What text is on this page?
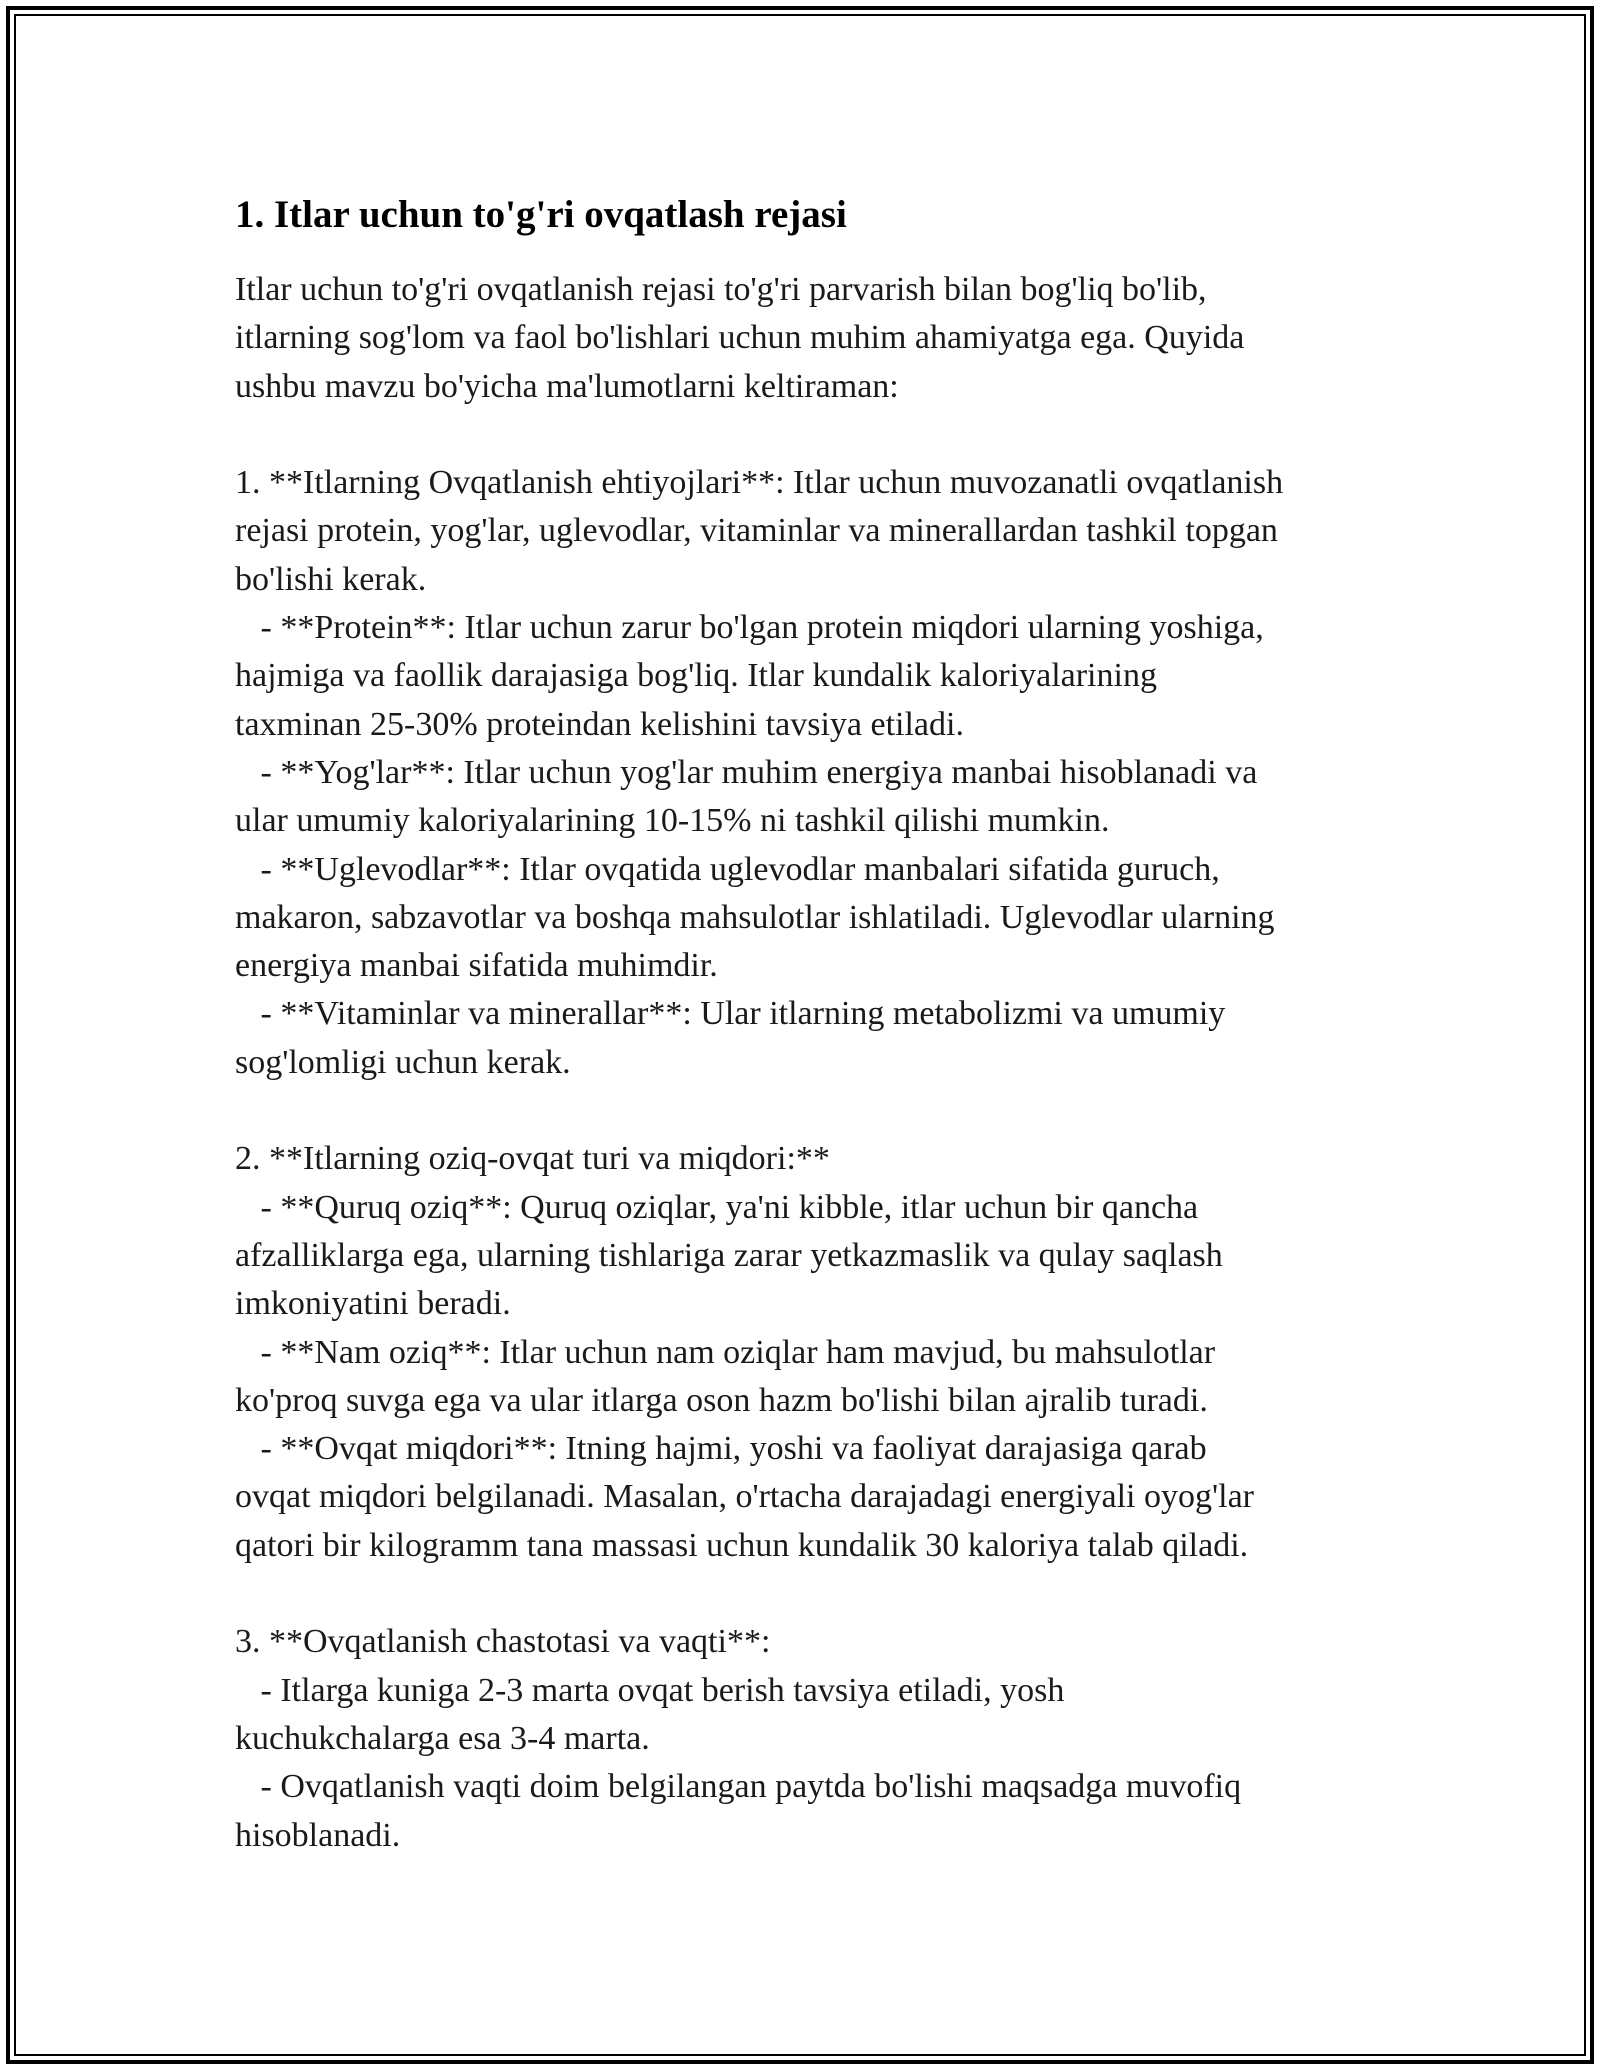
1. Itlar uchun to'g'ri ovqatlash rejasi

Itlar uchun to'g'ri ovqatlanish rejasi to'g'ri parvarish bilan bog'liq bo'lib,

itlarning sog'lom va faol bo'lishlari uchun muhim ahamiyatga ega. Quyida

ushbu mavzu bo'yicha ma'lumotlarni keltiraman:

1. **Itlarning Ovqatlanish ehtiyojlari**: Itlar uchun muvozanatli ovqatlanish

rejasi protein, yog'lar, uglevodlar, vitaminlar va minerallardan tashkil topgan

bo'lishi kerak.

- **Protein**: Itlar uchun zarur bo'lgan protein miqdori ularning yoshiga,

hajmiga va faollik darajasiga bog'liq. Itlar kundalik kaloriyalarining

taxminan 25-30% proteindan kelishini tavsiya etiladi.

- **Yog'lar**: Itlar uchun yog'lar muhim energiya manbai hisoblanadi va

ular umumiy kaloriyalarining 10-15% ni tashkil qilishi mumkin.

- **Uglevodlar**: Itlar ovqatida uglevodlar manbalari sifatida guruch,

makaron, sabzavotlar va boshqa mahsulotlar ishlatiladi. Uglevodlar ularning

energiya manbai sifatida muhimdir.

- **Vitaminlar va minerallar**: Ular itlarning metabolizmi va umumiy

sog'lomligi uchun kerak.

2. **Itlarning oziq-ovqat turi va miqdori:**

- **Quruq oziq**: Quruq oziqlar, ya'ni kibble, itlar uchun bir qancha

afzalliklarga ega, ularning tishlariga zarar yetkazmaslik va qulay saqlash

imkoniyatini beradi.

- **Nam oziq**: Itlar uchun nam oziqlar ham mavjud, bu mahsulotlar

ko'proq suvga ega va ular itlarga oson hazm bo'lishi bilan ajralib turadi.

- **Ovqat miqdori**: Itning hajmi, yoshi va faoliyat darajasiga qarab

ovqat miqdori belgilanadi. Masalan, o'rtacha darajadagi energiyali oyog'lar

qatori bir kilogramm tana massasi uchun kundalik 30 kaloriya talab qiladi.

3. **Ovqatlanish chastotasi va vaqti**:

- Itlarga kuniga 2-3 marta ovqat berish tavsiya etiladi, yosh

kuchukchalarga esa 3-4 marta.

- Ovqatlanish vaqti doim belgilangan paytda bo'lishi maqsadga muvofiq

hisoblanadi.
